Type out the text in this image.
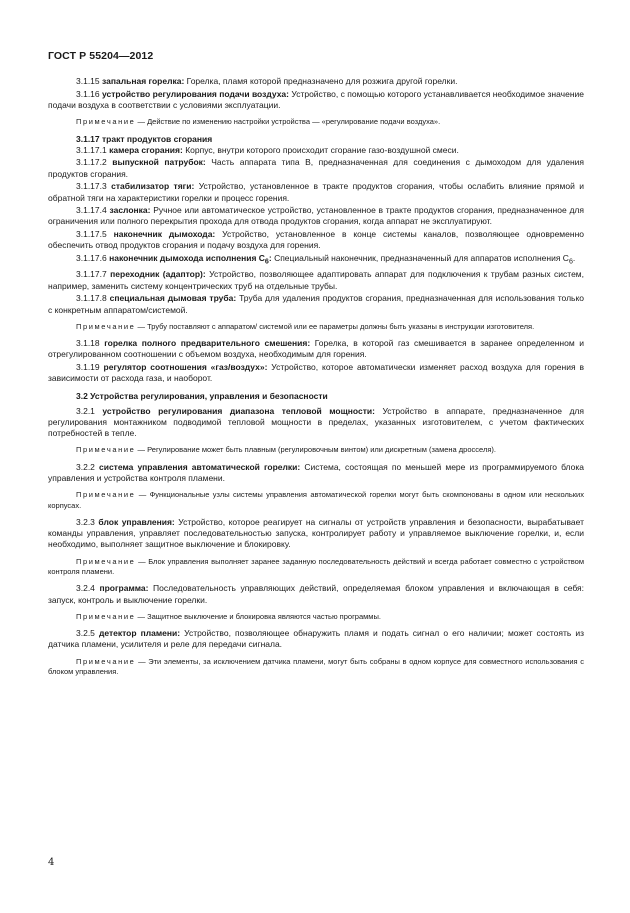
ГОСТ Р 55204—2012

3.1.15 запальная горелка: Горелка, пламя которой предназначено для розжига другой горелки.

3.1.16 устройство регулирования подачи воздуха: Устройство, с помощью которого устанавливается необходимое значение подачи воздуха в соответствии с условиями эксплуатации.

Примечание — Действие по изменению настройки устройства — «регулирование подачи воздуха».

3.1.17 тракт продуктов сгорания

3.1.17.1 камера сгорания: Корпус, внутри которого происходит сгорание газо-воздушной смеси.

3.1.17.2 выпускной патрубок: Часть аппарата типа В, предназначенная для соединения с дымоходом для удаления продуктов сгорания.

3.1.17.3 стабилизатор тяги: Устройство, установленное в тракте продуктов сгорания, чтобы ослабить влияние прямой и обратной тяги на характеристики горелки и процесс горения.

3.1.17.4 заслонка: Ручное или автоматическое устройство, установленное в тракте продуктов сгорания, предназначенное для ограничения или полного перекрытия прохода для отвода продуктов сгорания, когда аппарат не эксплуатируют.

3.1.17.5 наконечник дымохода: Устройство, установленное в конце системы каналов, позволяющее одновременно обеспечить отвод продуктов сгорания и подачу воздуха для горения.

3.1.17.6 наконечник дымохода исполнения $C_6$: Специальный наконечник, предназначенный для аппаратов исполнения $C_6$.

3.1.17.7 переходник (адаптор): Устройство, позволяющее адаптировать аппарат для подключения к трубам разных систем, например, заменить систему концентрических труб на отдельные трубы.

3.1.17.8 специальная дымовая труба: Труба для удаления продуктов сгорания, предназначенная для использования только с конкретным аппаратом/системой.

Примечание — Трубу поставляют с аппаратом/ системой или ее параметры должны быть указаны в инструкции изготовителя.

3.1.18 горелка полного предварительного смешения: Горелка, в которой газ смешивается в заранее определенном и отрегулированном соотношении с объемом воздуха, необходимым для горения.

3.1.19 регулятор соотношения «газ/воздух»: Устройство, которое автоматически изменяет расход воздуха для горения в зависимости от расхода газа, и наоборот.

3.2 Устройства регулирования, управления и безопасности

3.2.1 устройство регулирования диапазона тепловой мощности: Устройство в аппарате, предназначенное для регулирования монтажником подводимой тепловой мощности в пределах, указанных изготовителем, с учетом фактических потребностей в тепле.

Примечание — Регулирование может быть плавным (регулировочным винтом) или дискретным (замена дросселя).

3.2.2 система управления автоматической горелки: Система, состоящая по меньшей мере из программируемого блока управления и устройства контроля пламени.

Примечание — Функциональные узлы системы управления автоматической горелки могут быть скомпонованы в одном или нескольких корпусах.

3.2.3 блок управления: Устройство, которое реагирует на сигналы от устройств управления и безопасности, вырабатывает команды управления, управляет последовательностью запуска, контролирует работу и управляемое выключение горелки, и, если необходимо, выполняет защитное выключение и блокировку.

Примечание — Блок управления выполняет заранее заданную последовательность действий и всегда работает совместно с устройством контроля пламени.

3.2.4 программа: Последовательность управляющих действий, определяемая блоком управления и включающая в себя: запуск, контроль и выключение горелки.

Примечание — Защитное выключение и блокировка являются частью программы.

3.2.5 детектор пламени: Устройство, позволяющее обнаружить пламя и подать сигнал о его наличии; может состоять из датчика пламени, усилителя и реле для передачи сигнала.

Примечание — Эти элементы, за исключением датчика пламени, могут быть собраны в одном корпусе для совместного использования с блоком управления.

4
